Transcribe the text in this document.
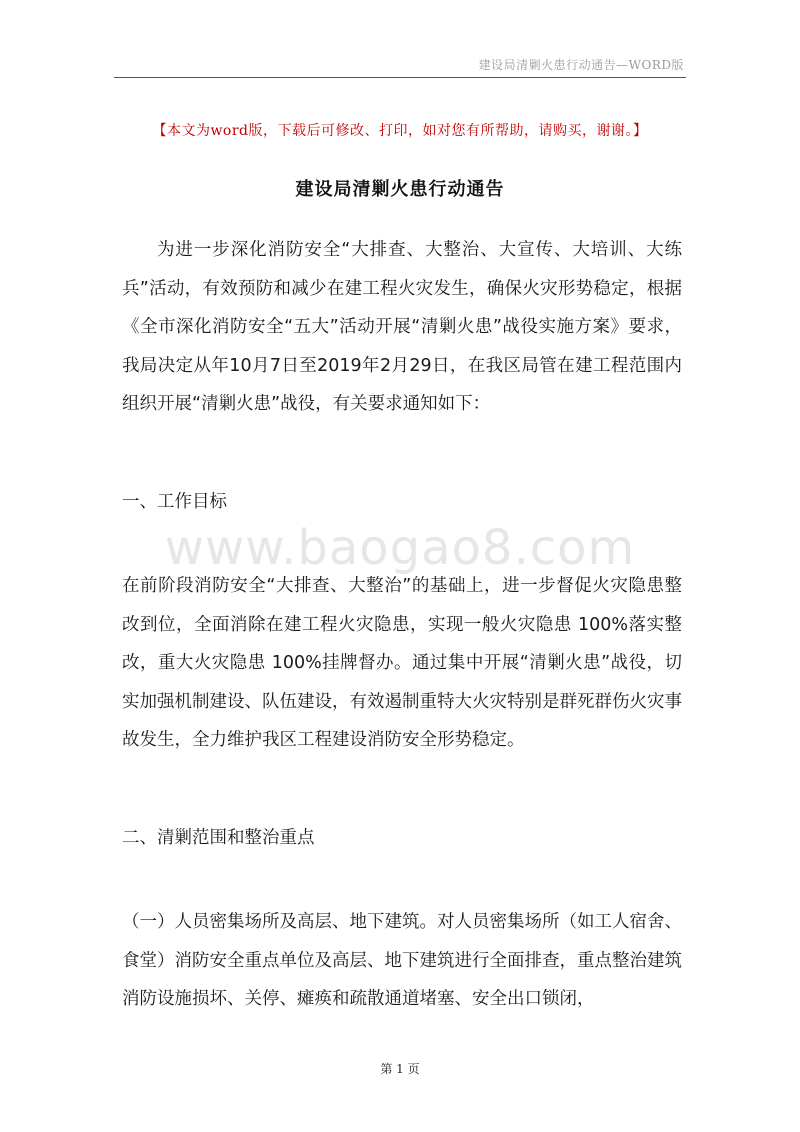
建设局清剿火患行动通告—WORD版
【本文为word版，下载后可修改、打印，如对您有所帮助，请购买，谢谢。】
建设局清剿火患行动通告

为进一步深化消防安全“大排查、大整治、大宣传、大培训、大练兵”活动，有效预防和减少在建工程火灾发生，确保火灾形势稳定，根据《全市深化消防安全“五大”活动开展“清剿火患”战役实施方案》要求，我局决定从年10月7日至2019年2月29日，在我区局管在建工程范围内组织开展“清剿火患”战役，有关要求通知如下：

一、工作目标

www.baogao8.com

在前阶段消防安全“大排查、大整治”的基础上，进一步督促火灾隐患整改到位，全面消除在建工程火灾隐患，实现一般火灾隐患 100%落实整改，重大火灾隐患 100%挂牌督办。通过集中开展“清剿火患”战役，切实加强机制建设、队伍建设，有效遏制重特大火灾特别是群死群伤火灾事故发生，全力维护我区工程建设消防安全形势稳定。

二、清剿范围和整治重点

（一）人员密集场所及高层、地下建筑。对人员密集场所（如工人宿舍、食堂）消防安全重点单位及高层、地下建筑进行全面排查，重点整治建筑消防设施损坏、关停、瘫痪和疏散通道堵塞、安全出口锁闭，

第 1 页
